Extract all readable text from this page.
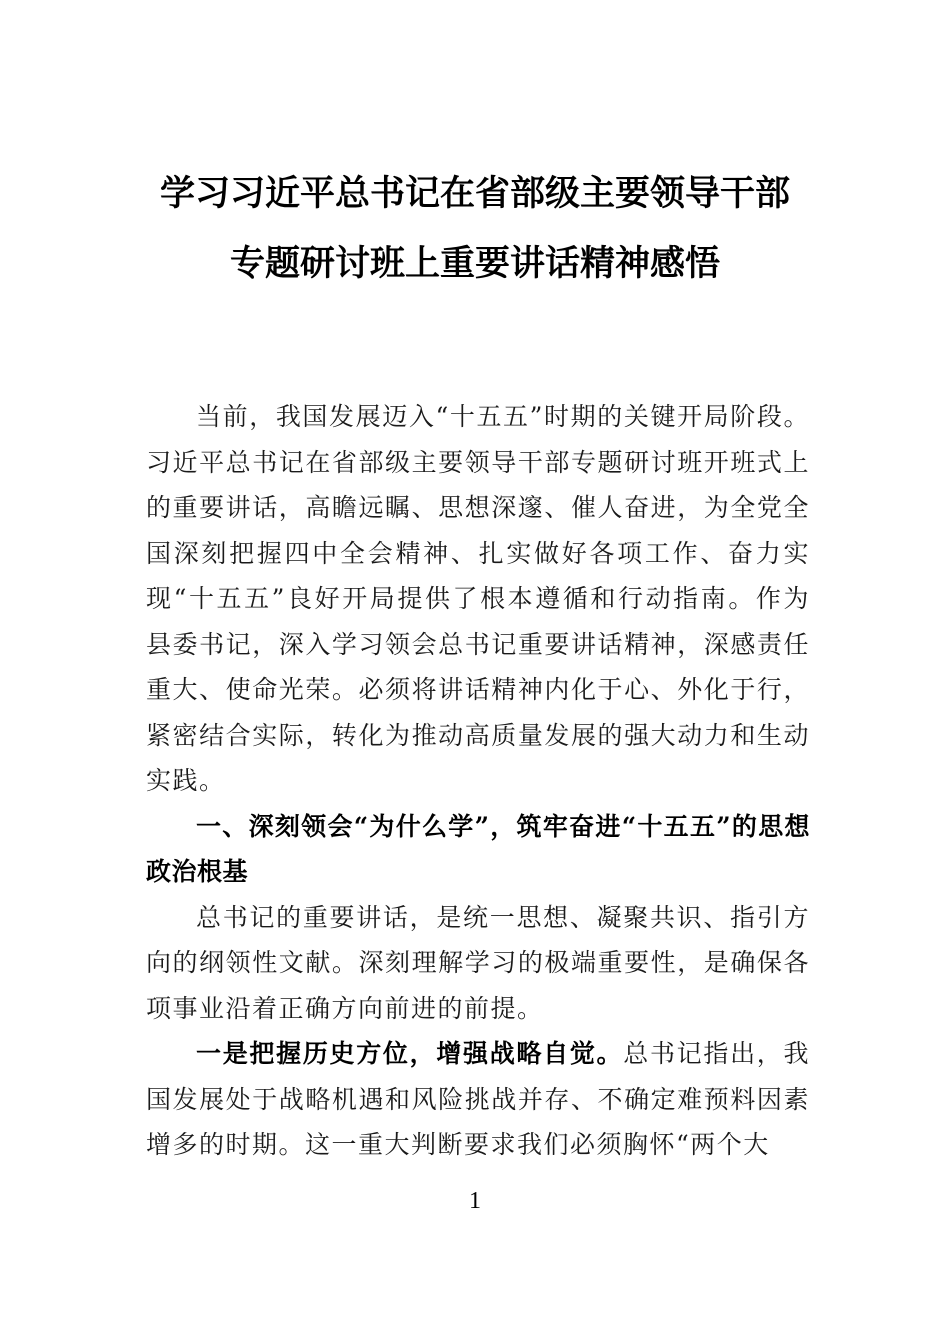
学习习近平总书记在省部级主要领导干部
专题研讨班上重要讲话精神感悟

当前，我国发展迈入“十五五”时期的关键开局阶段。习近平总书记在省部级主要领导干部专题研讨班开班式上的重要讲话，高瞻远瞩、思想深邃、催人奋进，为全党全国深刻把握四中全会精神、扎实做好各项工作、奋力实现“十五五”良好开局提供了根本遵循和行动指南。作为县委书记，深入学习领会总书记重要讲话精神，深感责任重大、使命光荣。必须将讲话精神内化于心、外化于行，紧密结合实际，转化为推动高质量发展的强大动力和生动实践。

一、深刻领会“为什么学”，筑牢奋进“十五五”的思想政治根基

总书记的重要讲话，是统一思想、凝聚共识、指引方向的纲领性文献。深刻理解学习的极端重要性，是确保各项事业沿着正确方向前进的前提。

一是把握历史方位，增强战略自觉。总书记指出，我国发展处于战略机遇和风险挑战并存、不确定难预料因素增多的时期。这一重大判断要求我们必须胸怀“两个大

1
